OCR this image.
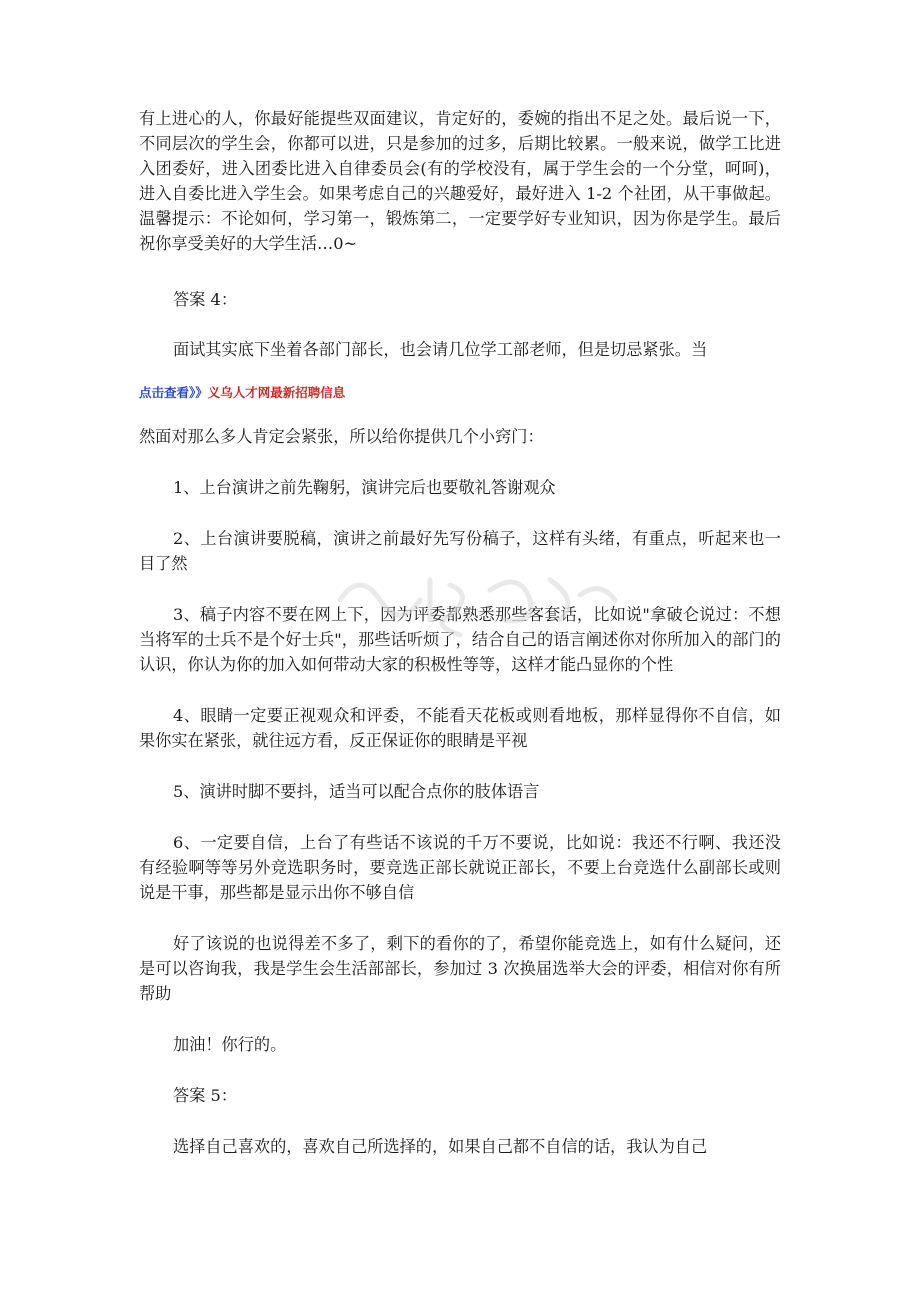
有上进心的人，你最好能提些双面建议，肯定好的，委婉的指出不足之处。最后说一下，不同层次的学生会，你都可以进，只是参加的过多，后期比较累。一般来说，做学工比进入团委好，进入团委比进入自律委员会(有的学校没有，属于学生会的一个分堂，呵呵)，进入自委比进入学生会。如果考虑自己的兴趣爱好，最好进入 1-2 个社团，从干事做起。温馨提示：不论如何，学习第一，锻炼第二，一定要学好专业知识，因为你是学生。最后祝你享受美好的大学生活…0~

答案 4：

面试其实底下坐着各部门部长，也会请几位学工部老师，但是切忌紧张。当

点击查看》》义乌人才网最新招聘信息

然面对那么多人肯定会紧张，所以给你提供几个小窍门：

1、上台演讲之前先鞠躬，演讲完后也要敬礼答谢观众

2、上台演讲要脱稿，演讲之前最好先写份稿子，这样有头绪，有重点，听起来也一目了然

3、稿子内容不要在网上下，因为评委都熟悉那些客套话，比如说"拿破仑说过：不想当将军的士兵不是个好士兵"，那些话听烦了，结合自己的语言阐述你对你所加入的部门的认识，你认为你的加入如何带动大家的积极性等等，这样才能凸显你的个性

4、眼睛一定要正视观众和评委，不能看天花板或则看地板，那样显得你不自信，如果你实在紧张，就往远方看，反正保证你的眼睛是平视

5、演讲时脚不要抖，适当可以配合点你的肢体语言

6、一定要自信，上台了有些话不该说的千万不要说，比如说：我还不行啊、我还没有经验啊等等另外竞选职务时，要竞选正部长就说正部长，不要上台竞选什么副部长或则说是干事，那些都是显示出你不够自信

好了该说的也说得差不多了，剩下的看你的了，希望你能竞选上，如有什么疑问，还是可以咨询我，我是学生会生活部部长，参加过 3 次换届选举大会的评委，相信对你有所帮助

加油！你行的。

答案 5：

选择自己喜欢的，喜欢自己所选择的，如果自己都不自信的话，我认为自己
